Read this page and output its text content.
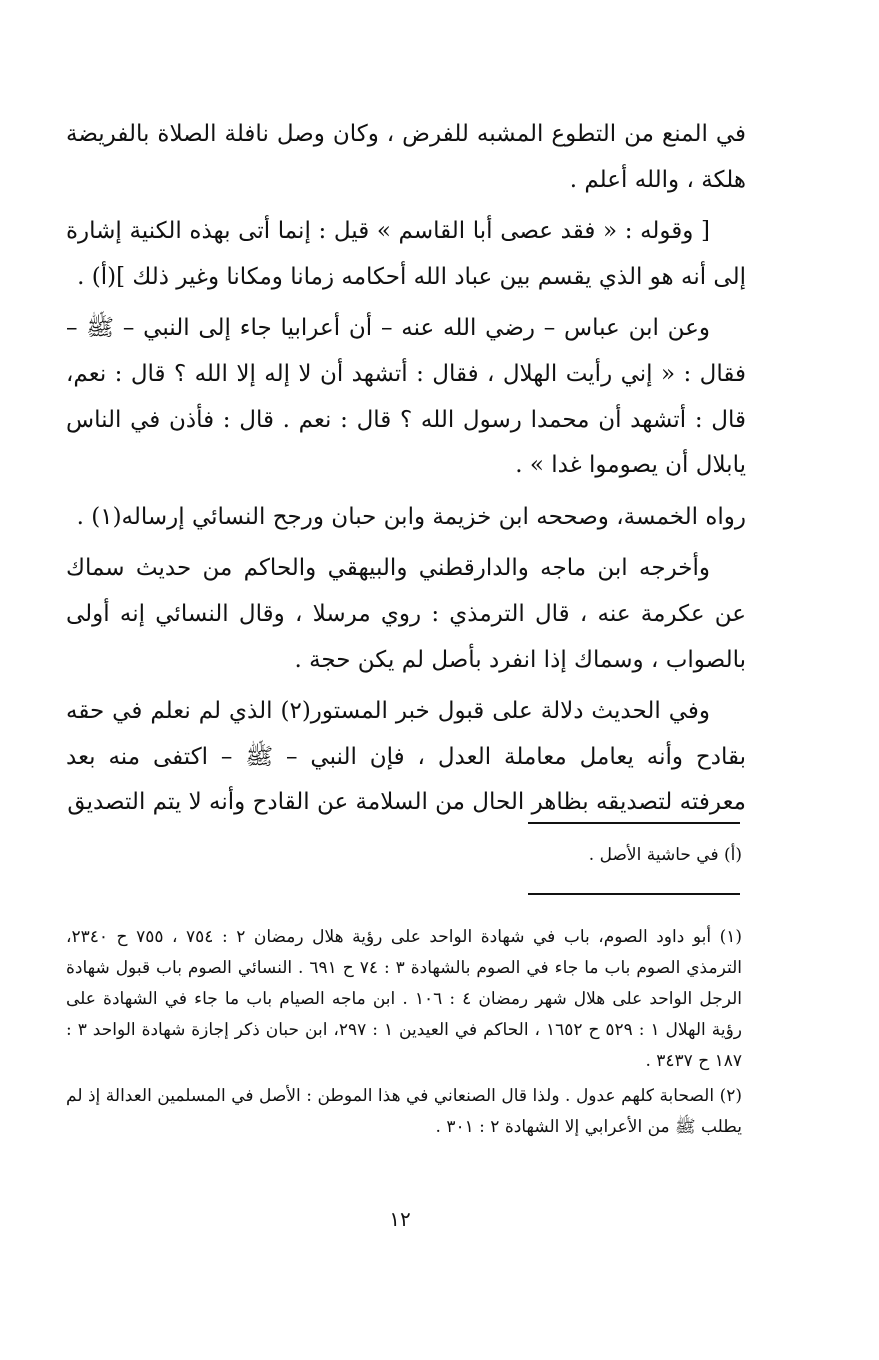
في المنع من التطوع المشبه للفرض ، وكان وصل نافلة الصلاة بالفريضة هلكة ، والله أعلم .

[ وقوله : « فقد عصى أبا القاسم » قيل : إنما أتى بهذه الكنية إشارة إلى أنه هو الذي يقسم بين عباد الله أحكامه زمانا ومكانا وغير ذلك ](أ) .

وعن ابن عباس – رضي الله عنه – أن أعرابيا جاء إلى النبي – ﷺ – فقال : « إني رأيت الهلال ، فقال : أتشهد أن لا إله إلا الله ؟ قال : نعم، قال : أتشهد أن محمدا رسول الله ؟ قال : نعم . قال : فأذن في الناس يابلال أن يصوموا غدا » .

رواه الخمسة، وصححه ابن خزيمة وابن حبان ورجح النسائي إرساله(١) .

وأخرجه ابن ماجه والدارقطني والبيهقي والحاكم من حديث سماك عن عكرمة عنه ، قال الترمذي : روي مرسلا ، وقال النسائي إنه أولى بالصواب ، وسماك إذا انفرد بأصل لم يكن حجة .

وفي الحديث دلالة على قبول خبر المستور(٢) الذي لم نعلم في حقه بقادح وأنه يعامل معاملة العدل ، فإن النبي – ﷺ – اكتفى منه بعد معرفته لتصديقه بظاهر الحال من السلامة عن القادح وأنه لا يتم التصديق

(أ) في حاشية الأصل .

(١) أبو داود الصوم، باب في شهادة الواحد على رؤية هلال رمضان ٢ : ٧٥٤ ، ٧٥٥ ح ٢٣٤٠، الترمذي الصوم باب ما جاء في الصوم بالشهادة ٣ : ٧٤ ح ٦٩١ . النسائي الصوم باب قبول شهادة الرجل الواحد على هلال شهر رمضان ٤ : ١٠٦ . ابن ماجه الصيام باب ما جاء في الشهادة على رؤية الهلال ١ : ٥٢٩ ح ١٦٥٢ ، الحاكم في العيدين ١ : ٢٩٧، ابن حبان ذكر إجازة شهادة الواحد ٣ : ١٨٧ ح ٣٤٣٧ .

(٢) الصحابة كلهم عدول . ولذا قال الصنعاني في هذا الموطن : الأصل في المسلمين العدالة إذ لم يطلب ﷺ من الأعرابي إلا الشهادة ٢ : ٣٠١ .

١٢
